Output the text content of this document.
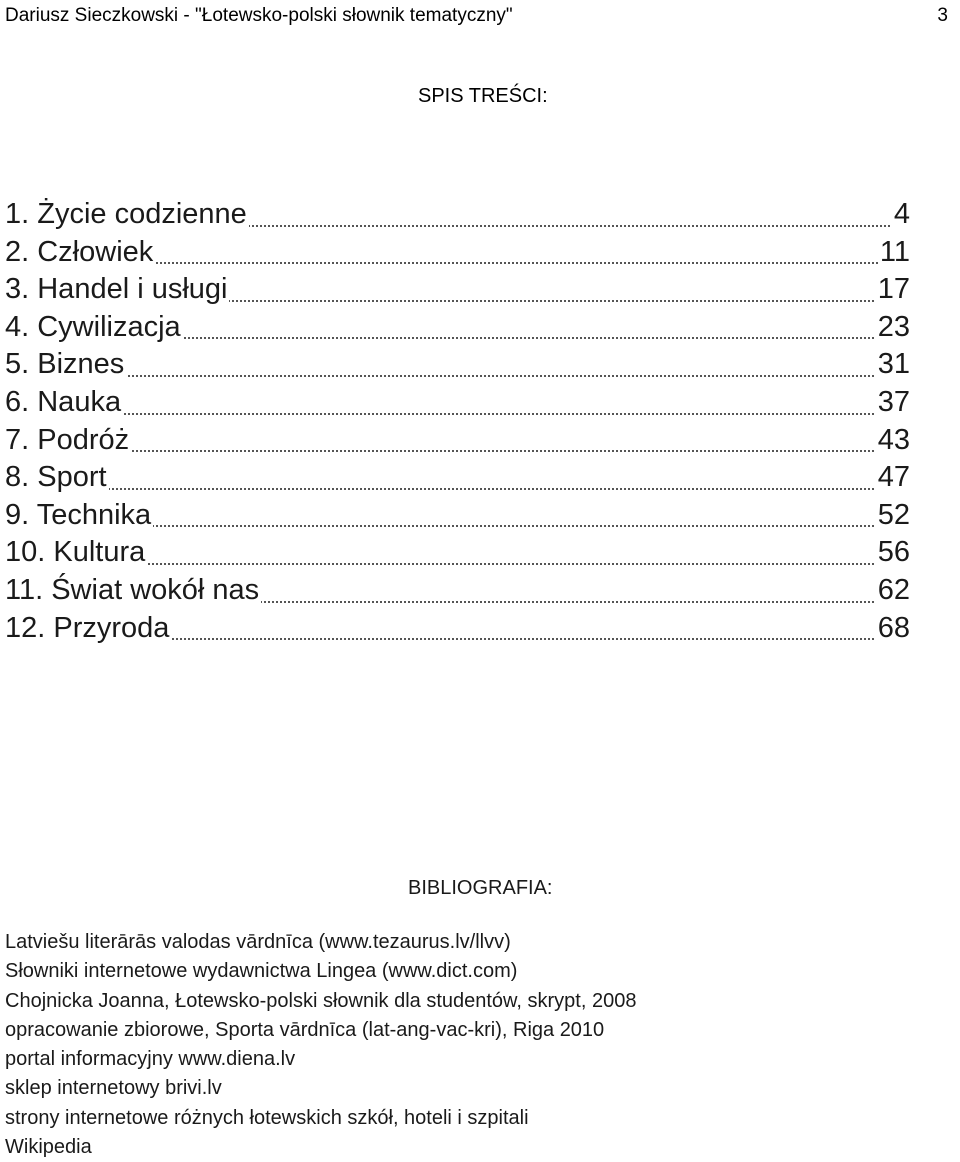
Dariusz Sieczkowski - "Łotewsko-polski słownik tematyczny"	3
SPIS TREŚCI:
1. Życie codzienne	4
2. Człowiek	11
3. Handel i usługi	17
4. Cywilizacja	23
5. Biznes	31
6. Nauka	37
7. Podróż	43
8. Sport	47
9. Technika	52
10. Kultura	56
11. Świat wokół nas	62
12. Przyroda	68
BIBLIOGRAFIA:
Latviešu literārās valodas vārdnīca (www.tezaurus.lv/llvv)
Słowniki internetowe wydawnictwa Lingea (www.dict.com)
Chojnicka Joanna, Łotewsko-polski słownik dla studentów, skrypt, 2008
opracowanie zbiorowe, Sporta vārdnīca (lat-ang-vac-kri), Riga 2010
portal informacyjny www.diena.lv
sklep internetowy brivi.lv
strony internetowe różnych łotewskich szkół, hoteli i szpitali
Wikipedia
